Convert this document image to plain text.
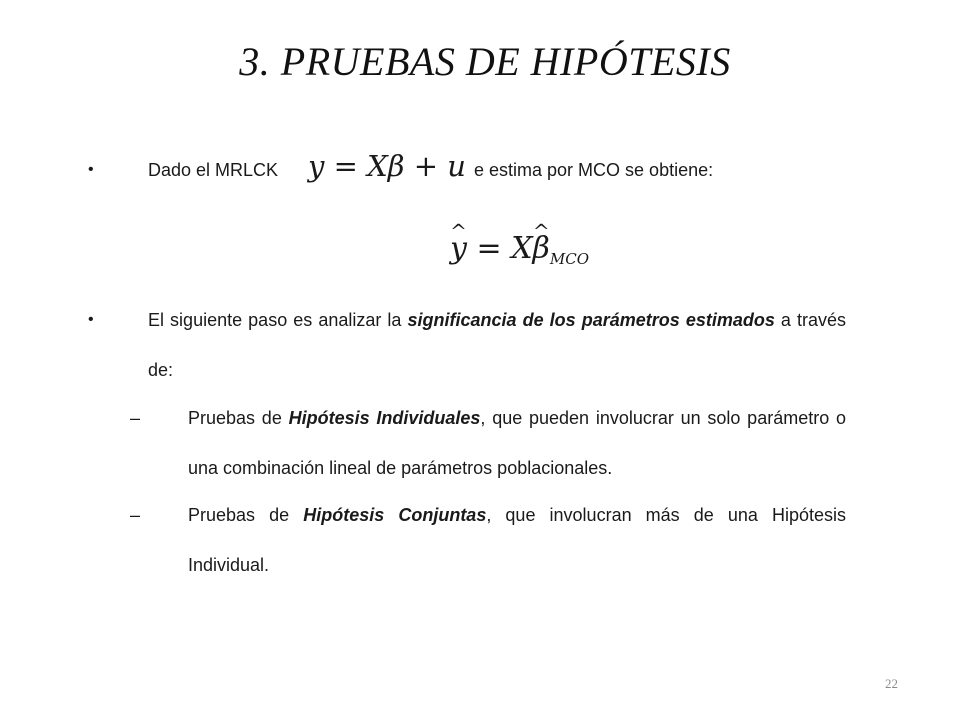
3. PRUEBAS DE HIPÓTESIS
•	Dado el MRLCK	e estima por MCO se obtiene:
y = Xβ + u
^ y = X^ $\beta_{MCO}$
•	El siguiente paso es analizar la significancia de los parámetros estimados a través de:
–	Pruebas de Hipótesis Individuales, que pueden involucrar un solo parámetro o una combinación lineal de parámetros poblacionales.
–	Pruebas de Hipótesis Conjuntas, que involucran más de una Hipótesis Individual.
22
